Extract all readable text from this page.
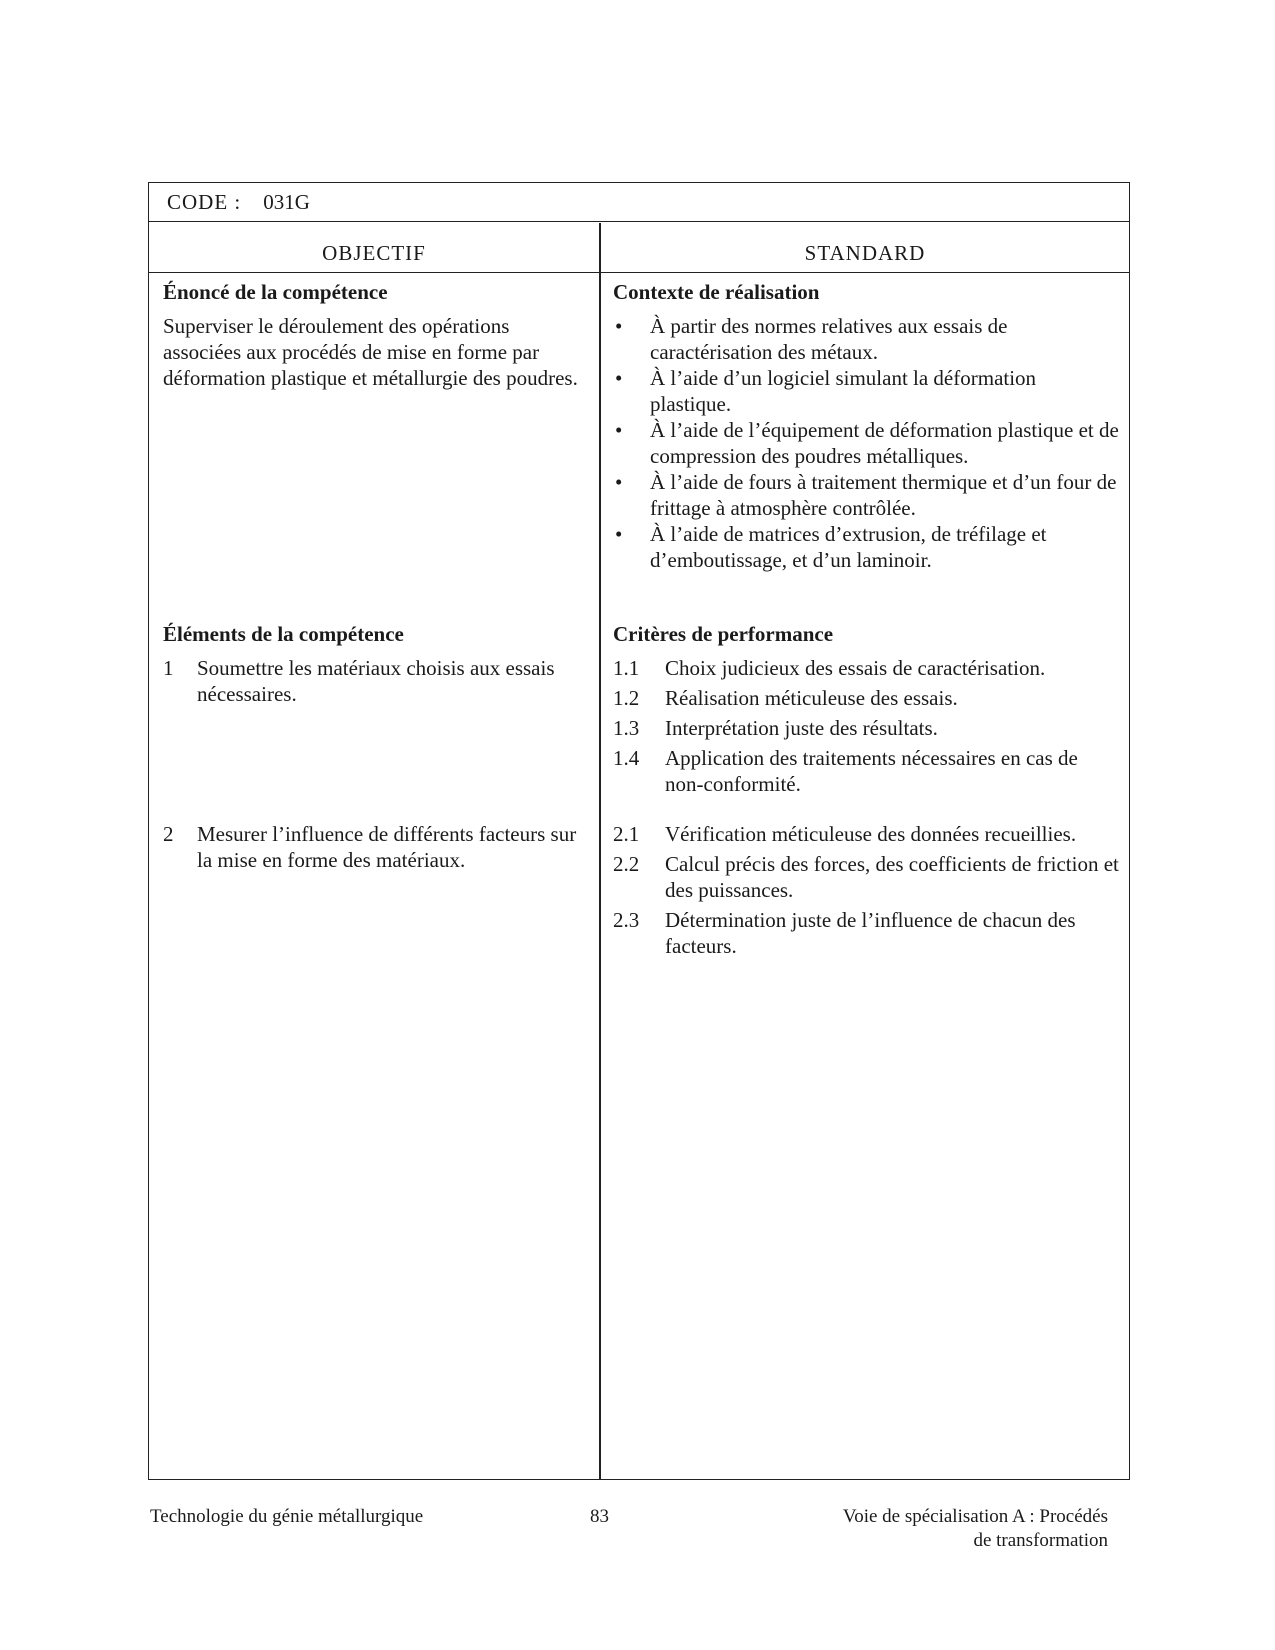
CODE : 031G
OBJECTIF	STANDARD

Énoncé de la compétence

Superviser le déroulement des opérations associées aux procédés de mise en forme par déformation plastique et métallurgie des poudres.

Contexte de réalisation

• À partir des normes relatives aux essais de caractérisation des métaux.
• À l’aide d’un logiciel simulant la déformation plastique.
• À l’aide de l’équipement de déformation plastique et de compression des poudres métalliques.
• À l’aide de fours à traitement thermique et d’un four de frittage à atmosphère contrôlée.
• À l’aide de matrices d’extrusion, de tréfilage et d’emboutissage, et d’un laminoir.

Éléments de la compétence

1 Soumettre les matériaux choisis aux essais nécessaires.
2 Mesurer l’influence de différents facteurs sur la mise en forme des matériaux.

Critères de performance

1.1 Choix judicieux des essais de caractérisation.
1.2 Réalisation méticuleuse des essais.
1.3 Interprétation juste des résultats.
1.4 Application des traitements nécessaires en cas de non-conformité.
2.1 Vérification méticuleuse des données recueillies.
2.2 Calcul précis des forces, des coefficients de friction et des puissances.
2.3 Détermination juste de l’influence de chacun des facteurs.
Technologie du génie métallurgique	83	Voie de spécialisation A : Procédés
de transformation
